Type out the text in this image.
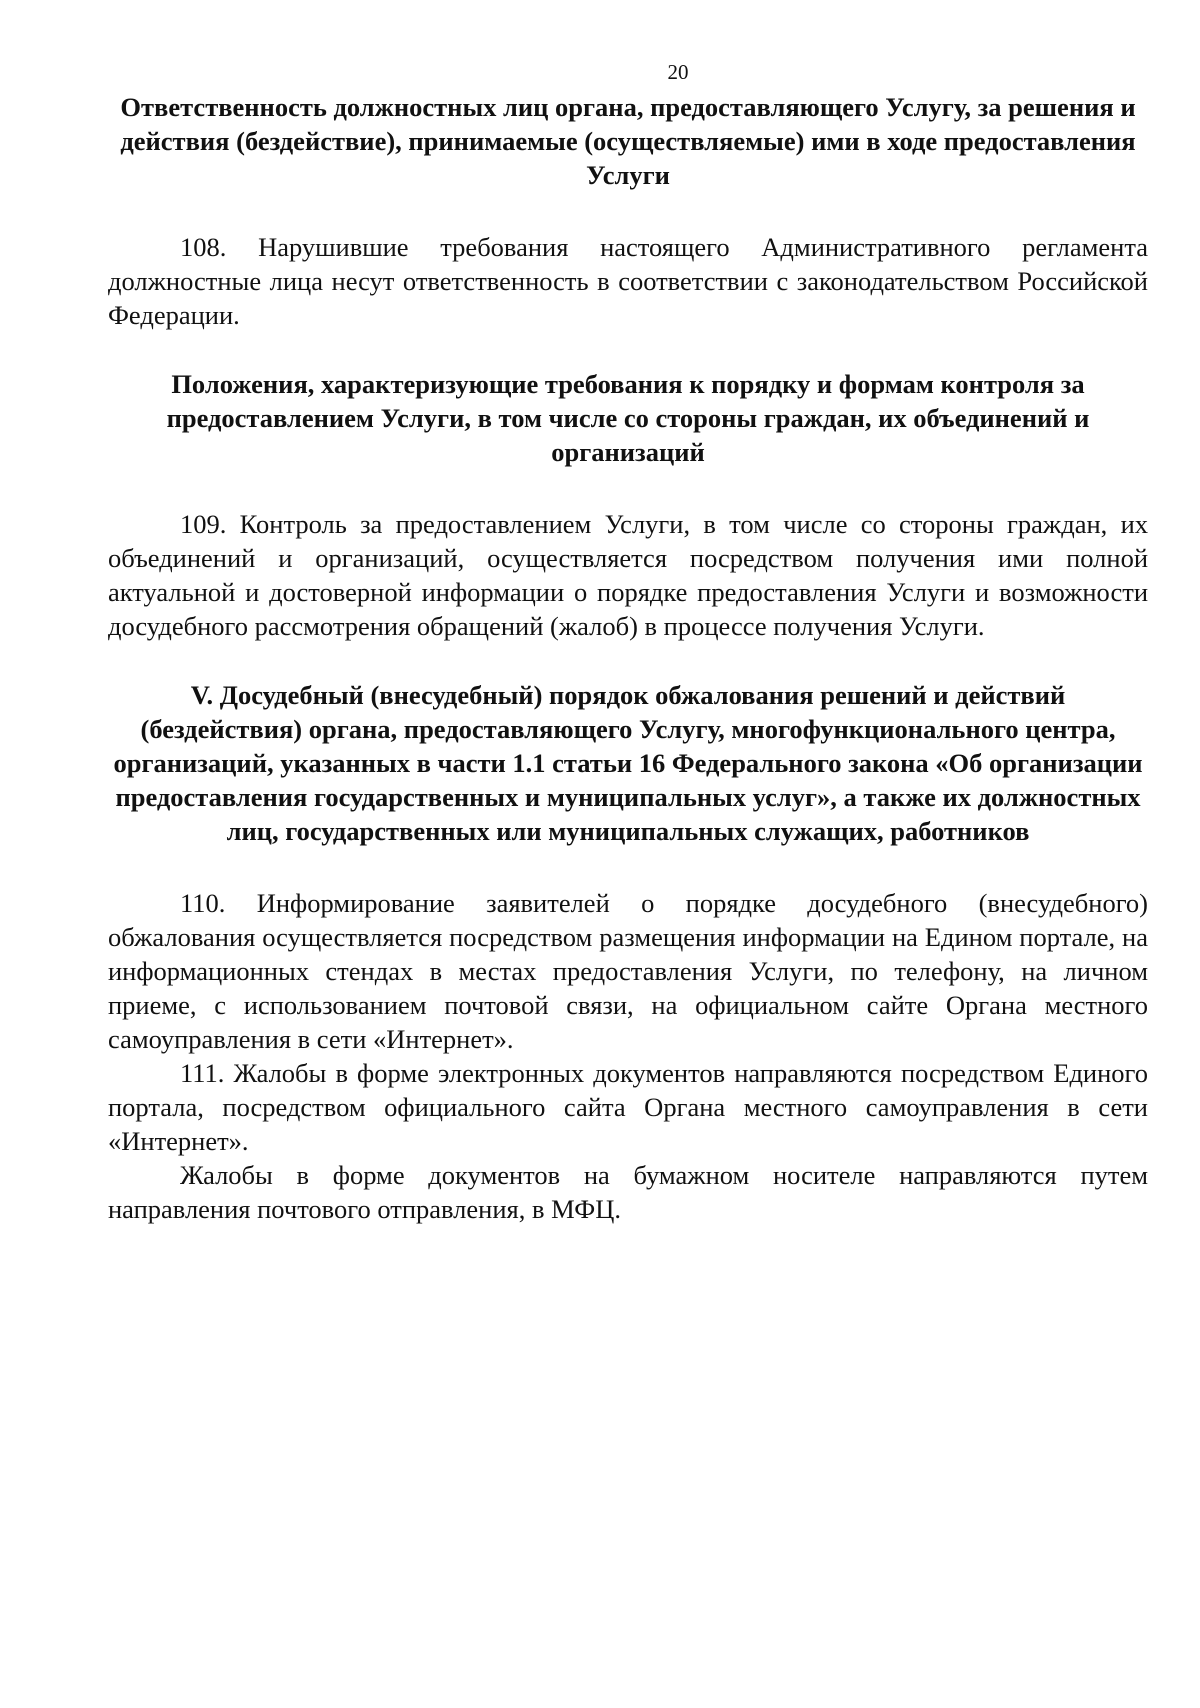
20
Ответственность должностных лиц органа, предоставляющего Услугу, за решения и действия (бездействие), принимаемые (осуществляемые) ими в ходе предоставления Услуги

108. Нарушившие требования настоящего Административного регламента должностные лица несут ответственность в соответствии с законодательством Российской Федерации.

Положения, характеризующие требования к порядку и формам контроля за предоставлением Услуги, в том числе со стороны граждан, их объединений и организаций

109. Контроль за предоставлением Услуги, в том числе со стороны граждан, их объединений и организаций, осуществляется посредством получения ими полной актуальной и достоверной информации о порядке предоставления Услуги и возможности досудебного рассмотрения обращений (жалоб) в процессе получения Услуги.

V. Досудебный (внесудебный) порядок обжалования решений и действий (бездействия) органа, предоставляющего Услугу, многофункционального центра, организаций, указанных в части 1.1 статьи 16 Федерального закона «Об организации предоставления государственных и муниципальных услуг», а также их должностных лиц, государственных или муниципальных служащих, работников

110. Информирование заявителей о порядке досудебного (внесудебного) обжалования осуществляется посредством размещения информации на Едином портале, на информационных стендах в местах предоставления Услуги, по телефону, на личном приеме, с использованием почтовой связи, на официальном сайте Органа местного самоуправления в сети «Интернет».

111. Жалобы в форме электронных документов направляются посредством Единого портала, посредством официального сайта Органа местного самоуправления в сети «Интернет».

Жалобы в форме документов на бумажном носителе направляются путем направления почтового отправления, в МФЦ.
